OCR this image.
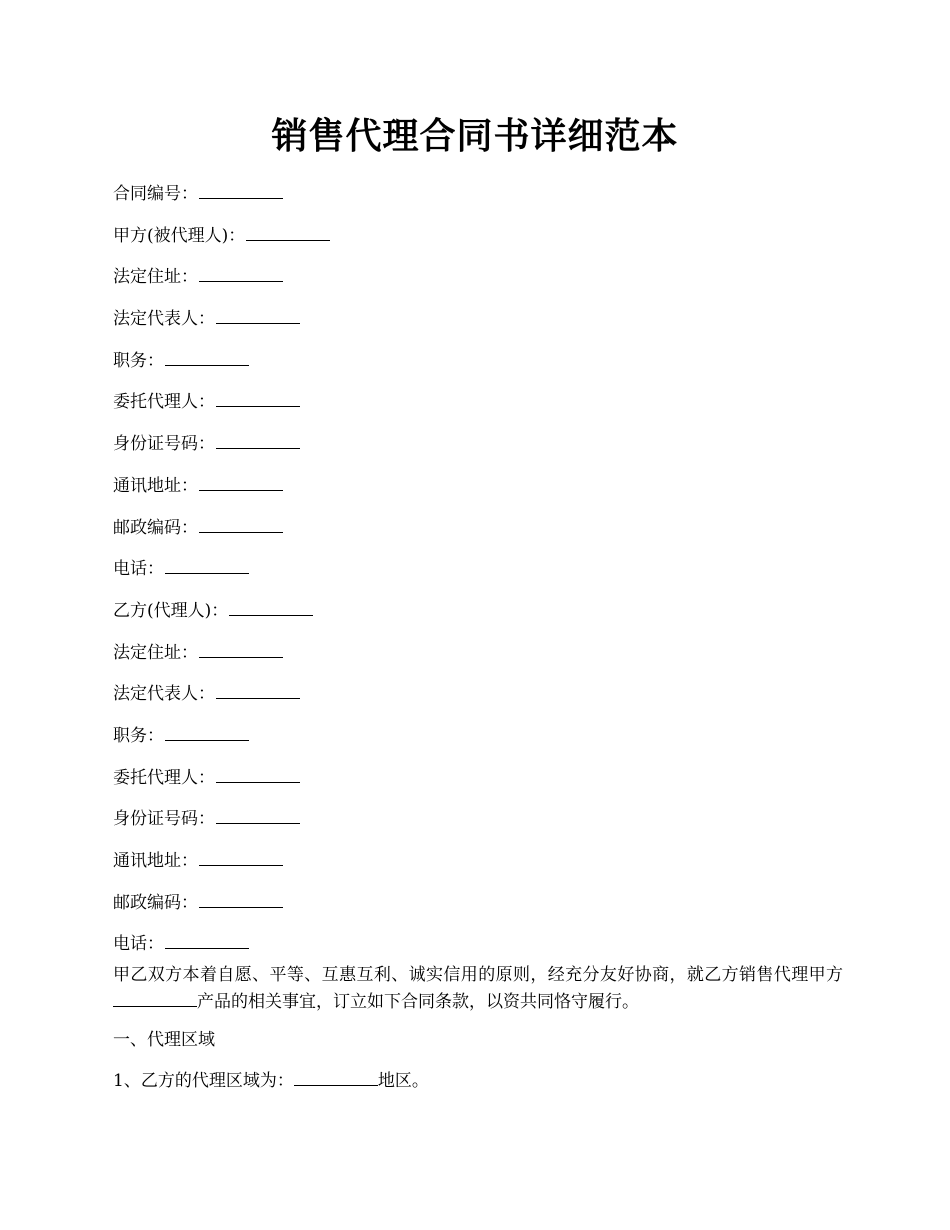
销售代理合同书详细范本
合同编号：
甲方(被代理人)：
法定住址：
法定代表人：
职务：
委托代理人：
身份证号码：
通讯地址：
邮政编码：
电话：
乙方(代理人)：
法定住址：
法定代表人：
职务：
委托代理人：
身份证号码：
通讯地址：
邮政编码：
电话：
甲乙双方本着自愿、平等、互惠互利、诚实信用的原则，经充分友好协商，就乙方销售代理甲方产品的相关事宜，订立如下合同条款，以资共同恪守履行。
一、代理区域
1、乙方的代理区域为：	地区。
